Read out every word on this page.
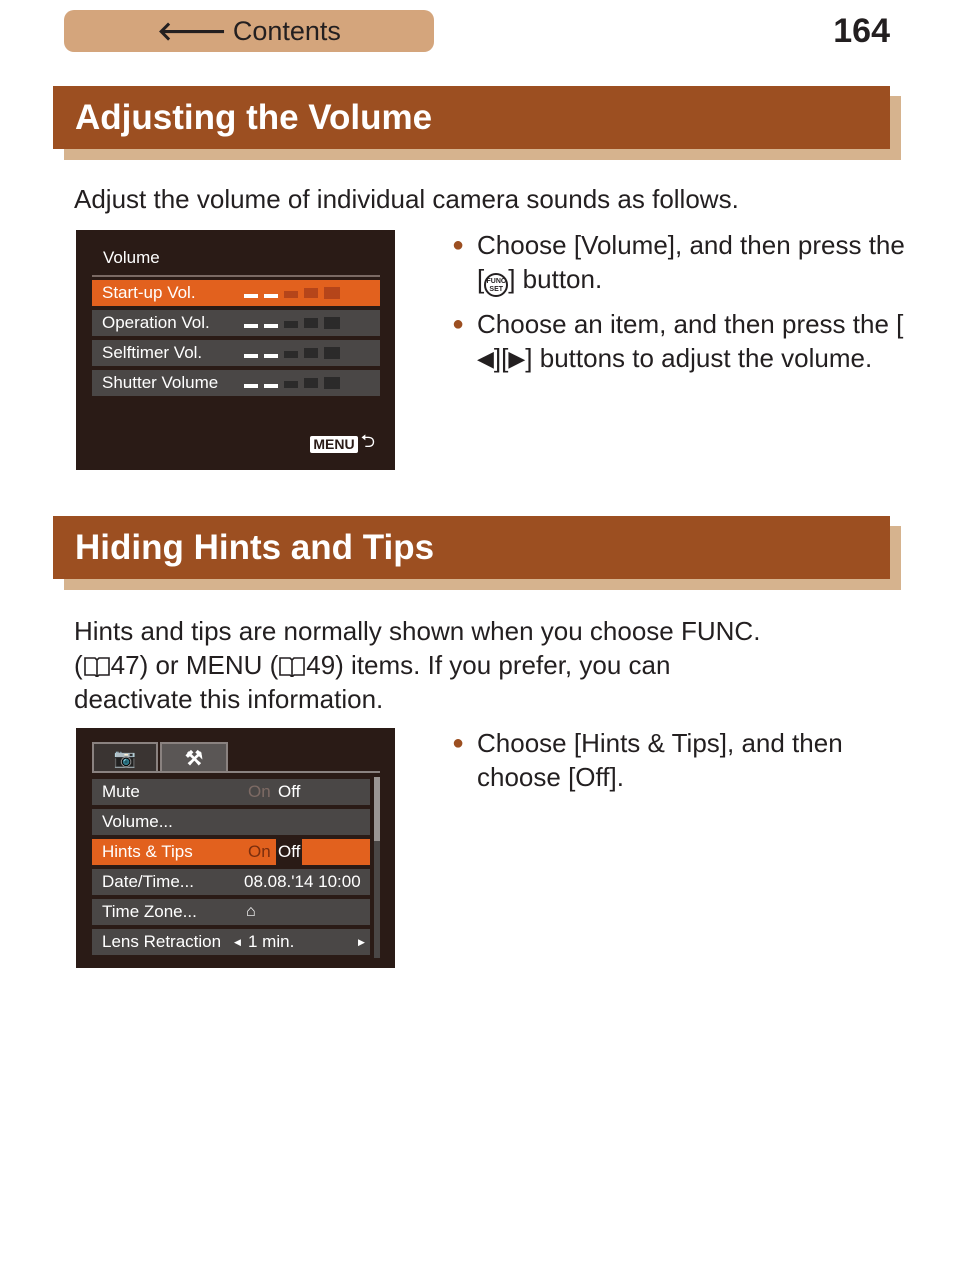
🡐 Contents	164
Adjusting the Volume
Adjust the volume of individual camera sounds as follows.
Volume
Start-up Vol.
Operation Vol.
Selftimer Vol.
Shutter Volume
MENU ⮌
● Choose [Volume], and then press the [ FUNC
SET ] button.
● Choose an item, and then press the [◀][▶] buttons to adjust the volume.
Hiding Hints and Tips
Hints and tips are normally shown when you choose FUNC.
( 47) or MENU ( 49) items. If you prefer, you can
deactivate this information.
📷 ⚒
Mute	On Off
Volume...
Hints & Tips	On Off
Date/Time...	08.08.'14 10:00
Time Zone...	⌂
Lens Retraction ◀ 1 min.	▶
● Choose [Hints & Tips], and then choose [Off].
